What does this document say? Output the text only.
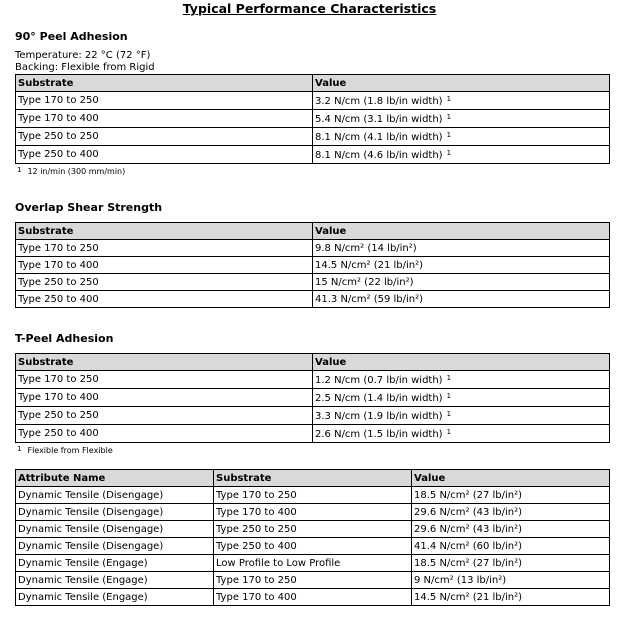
Typical Performance Characteristics
90° Peel Adhesion
Temperature: 22 °C (72 °F)
Backing: Flexible from Rigid
Substrate	Value
Type 170 to 250	3.2 N/cm (1.8 lb/in width) $^1$
Type 170 to 400	5.4 N/cm (3.1 lb/in width) $^1$
Type 250 to 250	8.1 N/cm (4.1 lb/in width) $^1$
Type 250 to 400	8.1 N/cm (4.6 lb/in width) $^1$
1 12 in/min (300 mm/min)
Overlap Shear Strength
Substrate	Value
Type 170 to 250	9.8 N/cm² (14 lb/in²)
Type 170 to 400	14.5 N/cm² (21 lb/in²)
Type 250 to 250	15 N/cm² (22 lb/in²)
Type 250 to 400	41.3 N/cm² (59 lb/in²)
T-Peel Adhesion
Substrate	Value
Type 170 to 250	1.2 N/cm (0.7 lb/in width) $^1$
Type 170 to 400	2.5 N/cm (1.4 lb/in width) $^1$
Type 250 to 250	3.3 N/cm (1.9 lb/in width) $^1$
Type 250 to 400	2.6 N/cm (1.5 lb/in width) $^1$
1 Flexible from Flexible
Attribute Name	Substrate	Value
Dynamic Tensile (Disengage)	Type 170 to 250	18.5 N/cm² (27 lb/in²)
Dynamic Tensile (Disengage)	Type 170 to 400	29.6 N/cm² (43 lb/in²)
Dynamic Tensile (Disengage)	Type 250 to 250	29.6 N/cm² (43 lb/in²)
Dynamic Tensile (Disengage)	Type 250 to 400	41.4 N/cm² (60 lb/in²)
Dynamic Tensile (Engage)	Low Profile to Low Profile	18.5 N/cm² (27 lb/in²)
Dynamic Tensile (Engage)	Type 170 to 250	9 N/cm² (13 lb/in²)
Dynamic Tensile (Engage)	Type 170 to 400	14.5 N/cm² (21 lb/in²)
